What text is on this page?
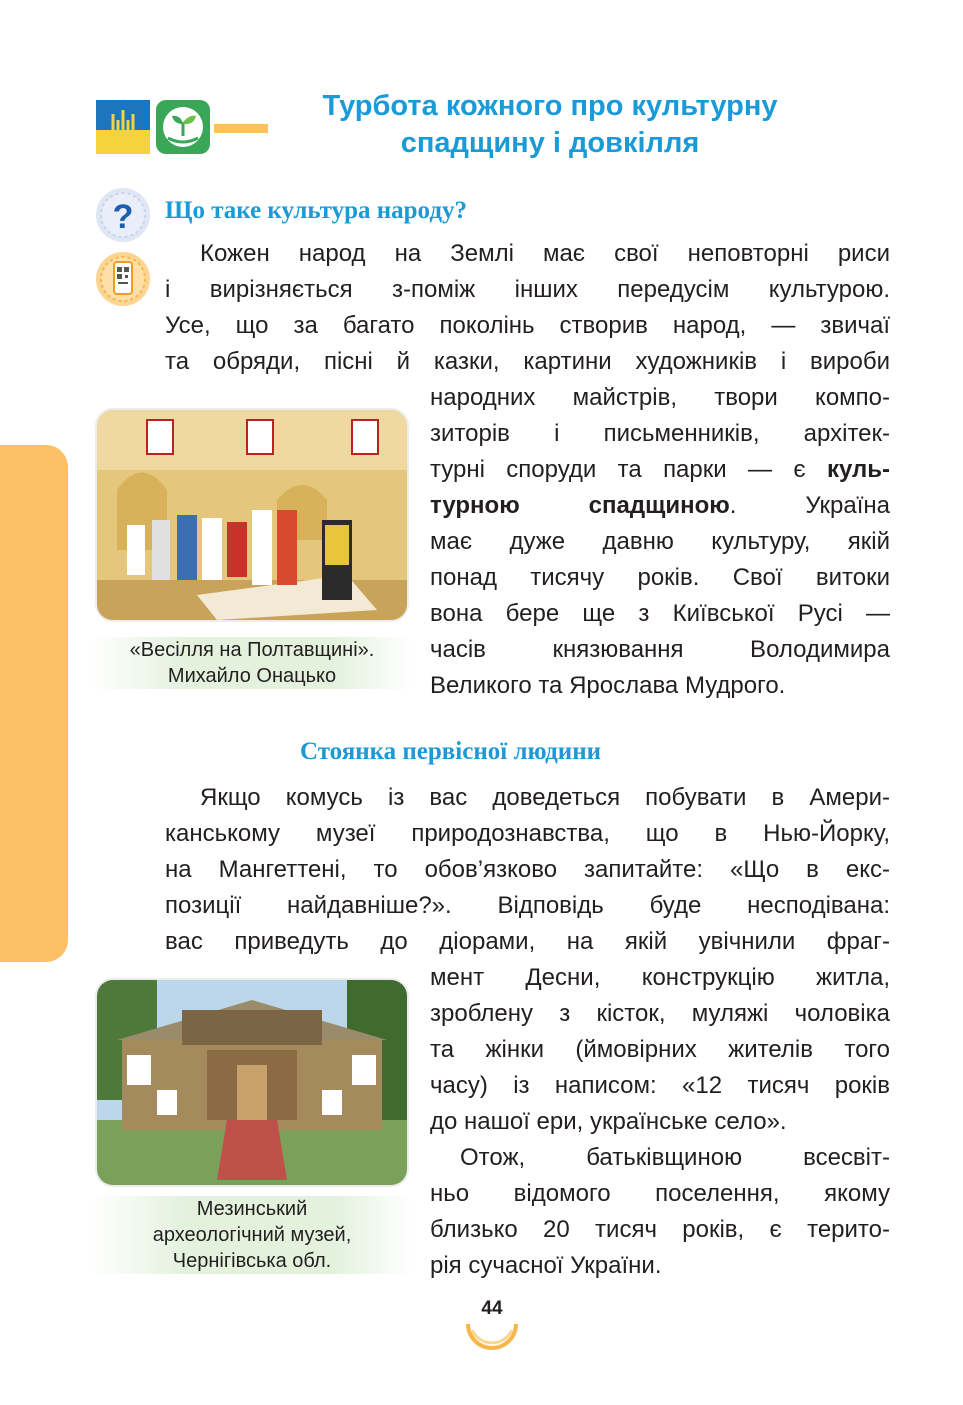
Турбота кожного про культурну
спадщину і довкілля
? Що таке культура народу?
Кожен народ на Землі має свої неповторні риси
і вирізняється з-поміж інших передусім культурою.
Усе, що за багато поколінь створив народ, — звичаї
та обряди, пісні й казки, картини художників і вироби
«Весілля на Полтавщині».
Михайло Онацько
народних майстрів, твори компо-
зиторів і письменників, архітек-
турні споруди та парки — є куль-
турною спадщиною. Україна
має дуже давню культуру, якій
понад тисячу років. Свої витоки
вона бере ще з Київської Русі —
часів князювання Володимира
Великого та Ярослава Мудрого.
Стоянка первісної людини
Якщо комусь із вас доведеться побувати в Амери-
канському музеї природознавства, що в Нью-Йорку,
на Мангеттені, то обов’язково запитайте: «Що в екс-
позиції найдавніше?». Відповідь буде несподівана:
вас приведуть до діорами, на якій увічнили фраг-
Мезинський
археологічний музей,
Чернігівська обл.
мент Десни, конструкцію житла,
зроблену з кісток, муляжі чоловіка
та жінки (ймовірних жителів того
часу) із написом: «12 тисяч років
до нашої ери, українське село».
Отож, батьківщиною всесвіт-
ньо відомого поселення, якому
близько 20 тисяч років, є терито-
рія сучасної України.
44
